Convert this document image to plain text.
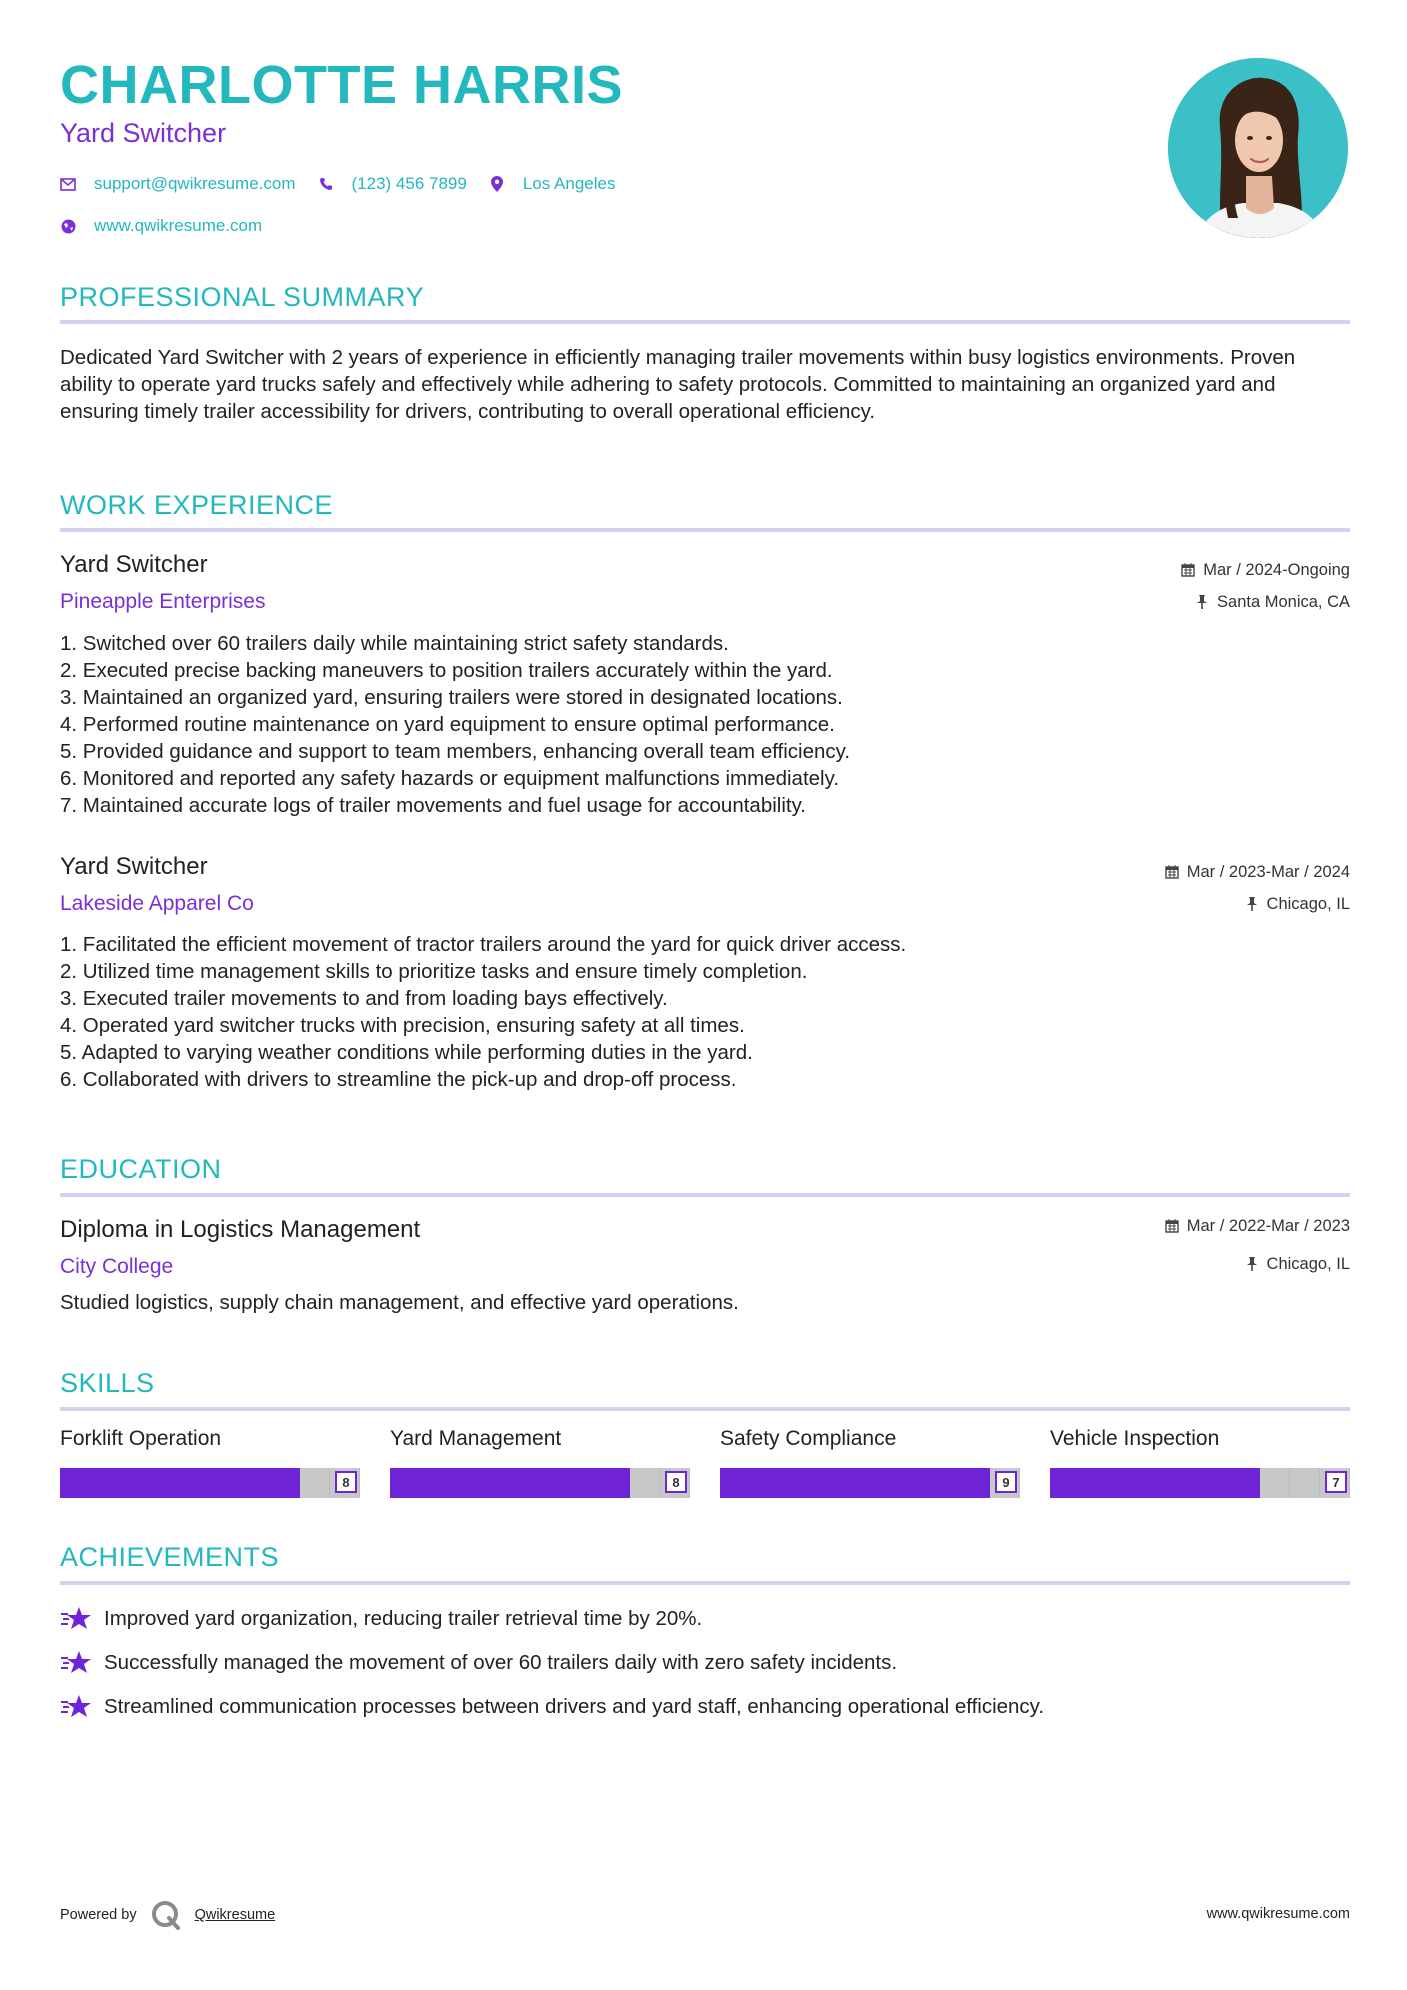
CHARLOTTE HARRIS
Yard Switcher
support@qwikresume.com	(123) 456 7899	Los Angeles
www.qwikresume.com
PROFESSIONAL SUMMARY
Dedicated Yard Switcher with 2 years of experience in efficiently managing trailer movements within busy logistics environments. Proven ability to operate yard trucks safely and effectively while adhering to safety protocols. Committed to maintaining an organized yard and ensuring timely trailer accessibility for drivers, contributing to overall operational efficiency.
WORK EXPERIENCE
Yard Switcher
Pineapple Enterprises
Mar / 2024-Ongoing
Santa Monica, CA
1. Switched over 60 trailers daily while maintaining strict safety standards.
2. Executed precise backing maneuvers to position trailers accurately within the yard.
3. Maintained an organized yard, ensuring trailers were stored in designated locations.
4. Performed routine maintenance on yard equipment to ensure optimal performance.
5. Provided guidance and support to team members, enhancing overall team efficiency.
6. Monitored and reported any safety hazards or equipment malfunctions immediately.
7. Maintained accurate logs of trailer movements and fuel usage for accountability.
Yard Switcher
Lakeside Apparel Co
Mar / 2023-Mar / 2024
Chicago, IL
1. Facilitated the efficient movement of tractor trailers around the yard for quick driver access.
2. Utilized time management skills to prioritize tasks and ensure timely completion.
3. Executed trailer movements to and from loading bays effectively.
4. Operated yard switcher trucks with precision, ensuring safety at all times.
5. Adapted to varying weather conditions while performing duties in the yard.
6. Collaborated with drivers to streamline the pick-up and drop-off process.
EDUCATION
Diploma in Logistics Management
City College
Mar / 2022-Mar / 2023
Chicago, IL
Studied logistics, supply chain management, and effective yard operations.
SKILLS
Forklift Operation
8
Yard Management
8
Safety Compliance
9
Vehicle Inspection
7
ACHIEVEMENTS
Improved yard organization, reducing trailer retrieval time by 20%.
Successfully managed the movement of over 60 trailers daily with zero safety incidents.
Streamlined communication processes between drivers and yard staff, enhancing operational efficiency.
Powered by	Qwikresume	www.qwikresume.com
